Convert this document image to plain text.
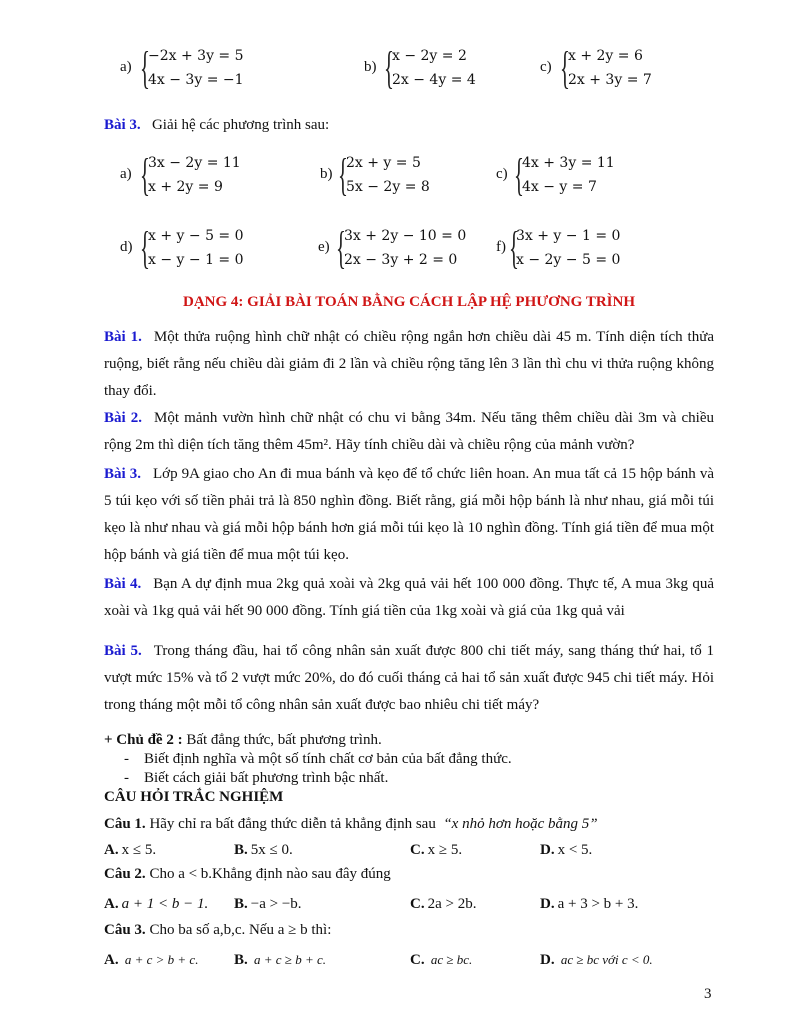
a) {
−2x + 3y = 5
4x − 3y = −1
b) {
x − 2y = 2
2x − 4y = 4
c) {
x + 2y = 6
2x + 3y = 7
Bài 3. Giải hệ các phương trình sau:
a) {
3x − 2y = 11
x + 2y = 9
b) {
2x + y = 5
5x − 2y = 8
c) {
4x + 3y = 11
4x − y = 7
d) {
x + y − 5 = 0
x − y − 1 = 0
e) {
3x + 2y − 10 = 0
2x − 3y + 2 = 0
f) {
3x + y − 1 = 0
x − 2y − 5 = 0
DẠNG 4: GIẢI BÀI TOÁN BẰNG CÁCH LẬP HỆ PHƯƠNG TRÌNH
Bài 1. Một thửa ruộng hình chữ nhật có chiều rộng ngắn hơn chiều dài 45 m. Tính diện tích thửa ruộng, biết rằng nếu chiều dài giảm đi 2 lần và chiều rộng tăng lên 3 lần thì chu vi thửa ruộng không thay đổi.
Bài 2. Một mảnh vườn hình chữ nhật có chu vi bằng 34m. Nếu tăng thêm chiều dài 3m và chiều rộng 2m thì diện tích tăng thêm 45m². Hãy tính chiều dài và chiều rộng của mảnh vườn?
Bài 3. Lớp 9A giao cho An đi mua bánh và kẹo để tổ chức liên hoan. An mua tất cả 15 hộp bánh và 5 túi kẹo với số tiền phải trả là 850 nghìn đồng. Biết rằng, giá mỗi hộp bánh là như nhau, giá mỗi túi kẹo là như nhau và giá mỗi hộp bánh hơn giá mỗi túi kẹo là 10 nghìn đồng. Tính giá tiền để mua một hộp bánh và giá tiền để mua một túi kẹo.
Bài 4. Bạn A dự định mua 2kg quả xoài và 2kg quả vải hết 100 000 đồng. Thực tế, A mua 3kg quả xoài và 1kg quả vải hết 90 000 đồng. Tính giá tiền của 1kg xoài và giá của 1kg quả vải
Bài 5. Trong tháng đầu, hai tổ công nhân sản xuất được 800 chi tiết máy, sang tháng thứ hai, tổ 1 vượt mức 15% và tổ 2 vượt mức 20%, do đó cuối tháng cả hai tổ sản xuất được 945 chi tiết máy. Hỏi trong tháng một mỗi tổ công nhân sản xuất được bao nhiêu chi tiết máy?
+ Chủ đề 2 : Bất đẳng thức, bất phương trình.
-    Biết định nghĩa và một số tính chất cơ bản của bất đẳng thức.
-    Biết cách giải bất phương trình bậc nhất.
CÂU HỎI TRẮC NGHIỆM
Câu 1. Hãy chỉ ra bất đẳng thức diễn tả khẳng định sau “x nhỏ hơn hoặc bằng 5”
A. x ≤ 5.	B. 5x ≤ 0.	C. x ≥ 5.	D. x < 5.
Câu 2. Cho a < b.Khẳng định nào sau đây đúng
A. a + 1 < b − 1. B. −a > −b.	C. 2a > 2b.	D. a + 3 > b + 3.
Câu 3. Cho ba số a,b,c. Nếu a ≥ b thì:
A. a + c > b + c. B. a + c ≥ b + c.	C. ac ≥ bc.	D. ac ≥ bc với c < 0.
3
